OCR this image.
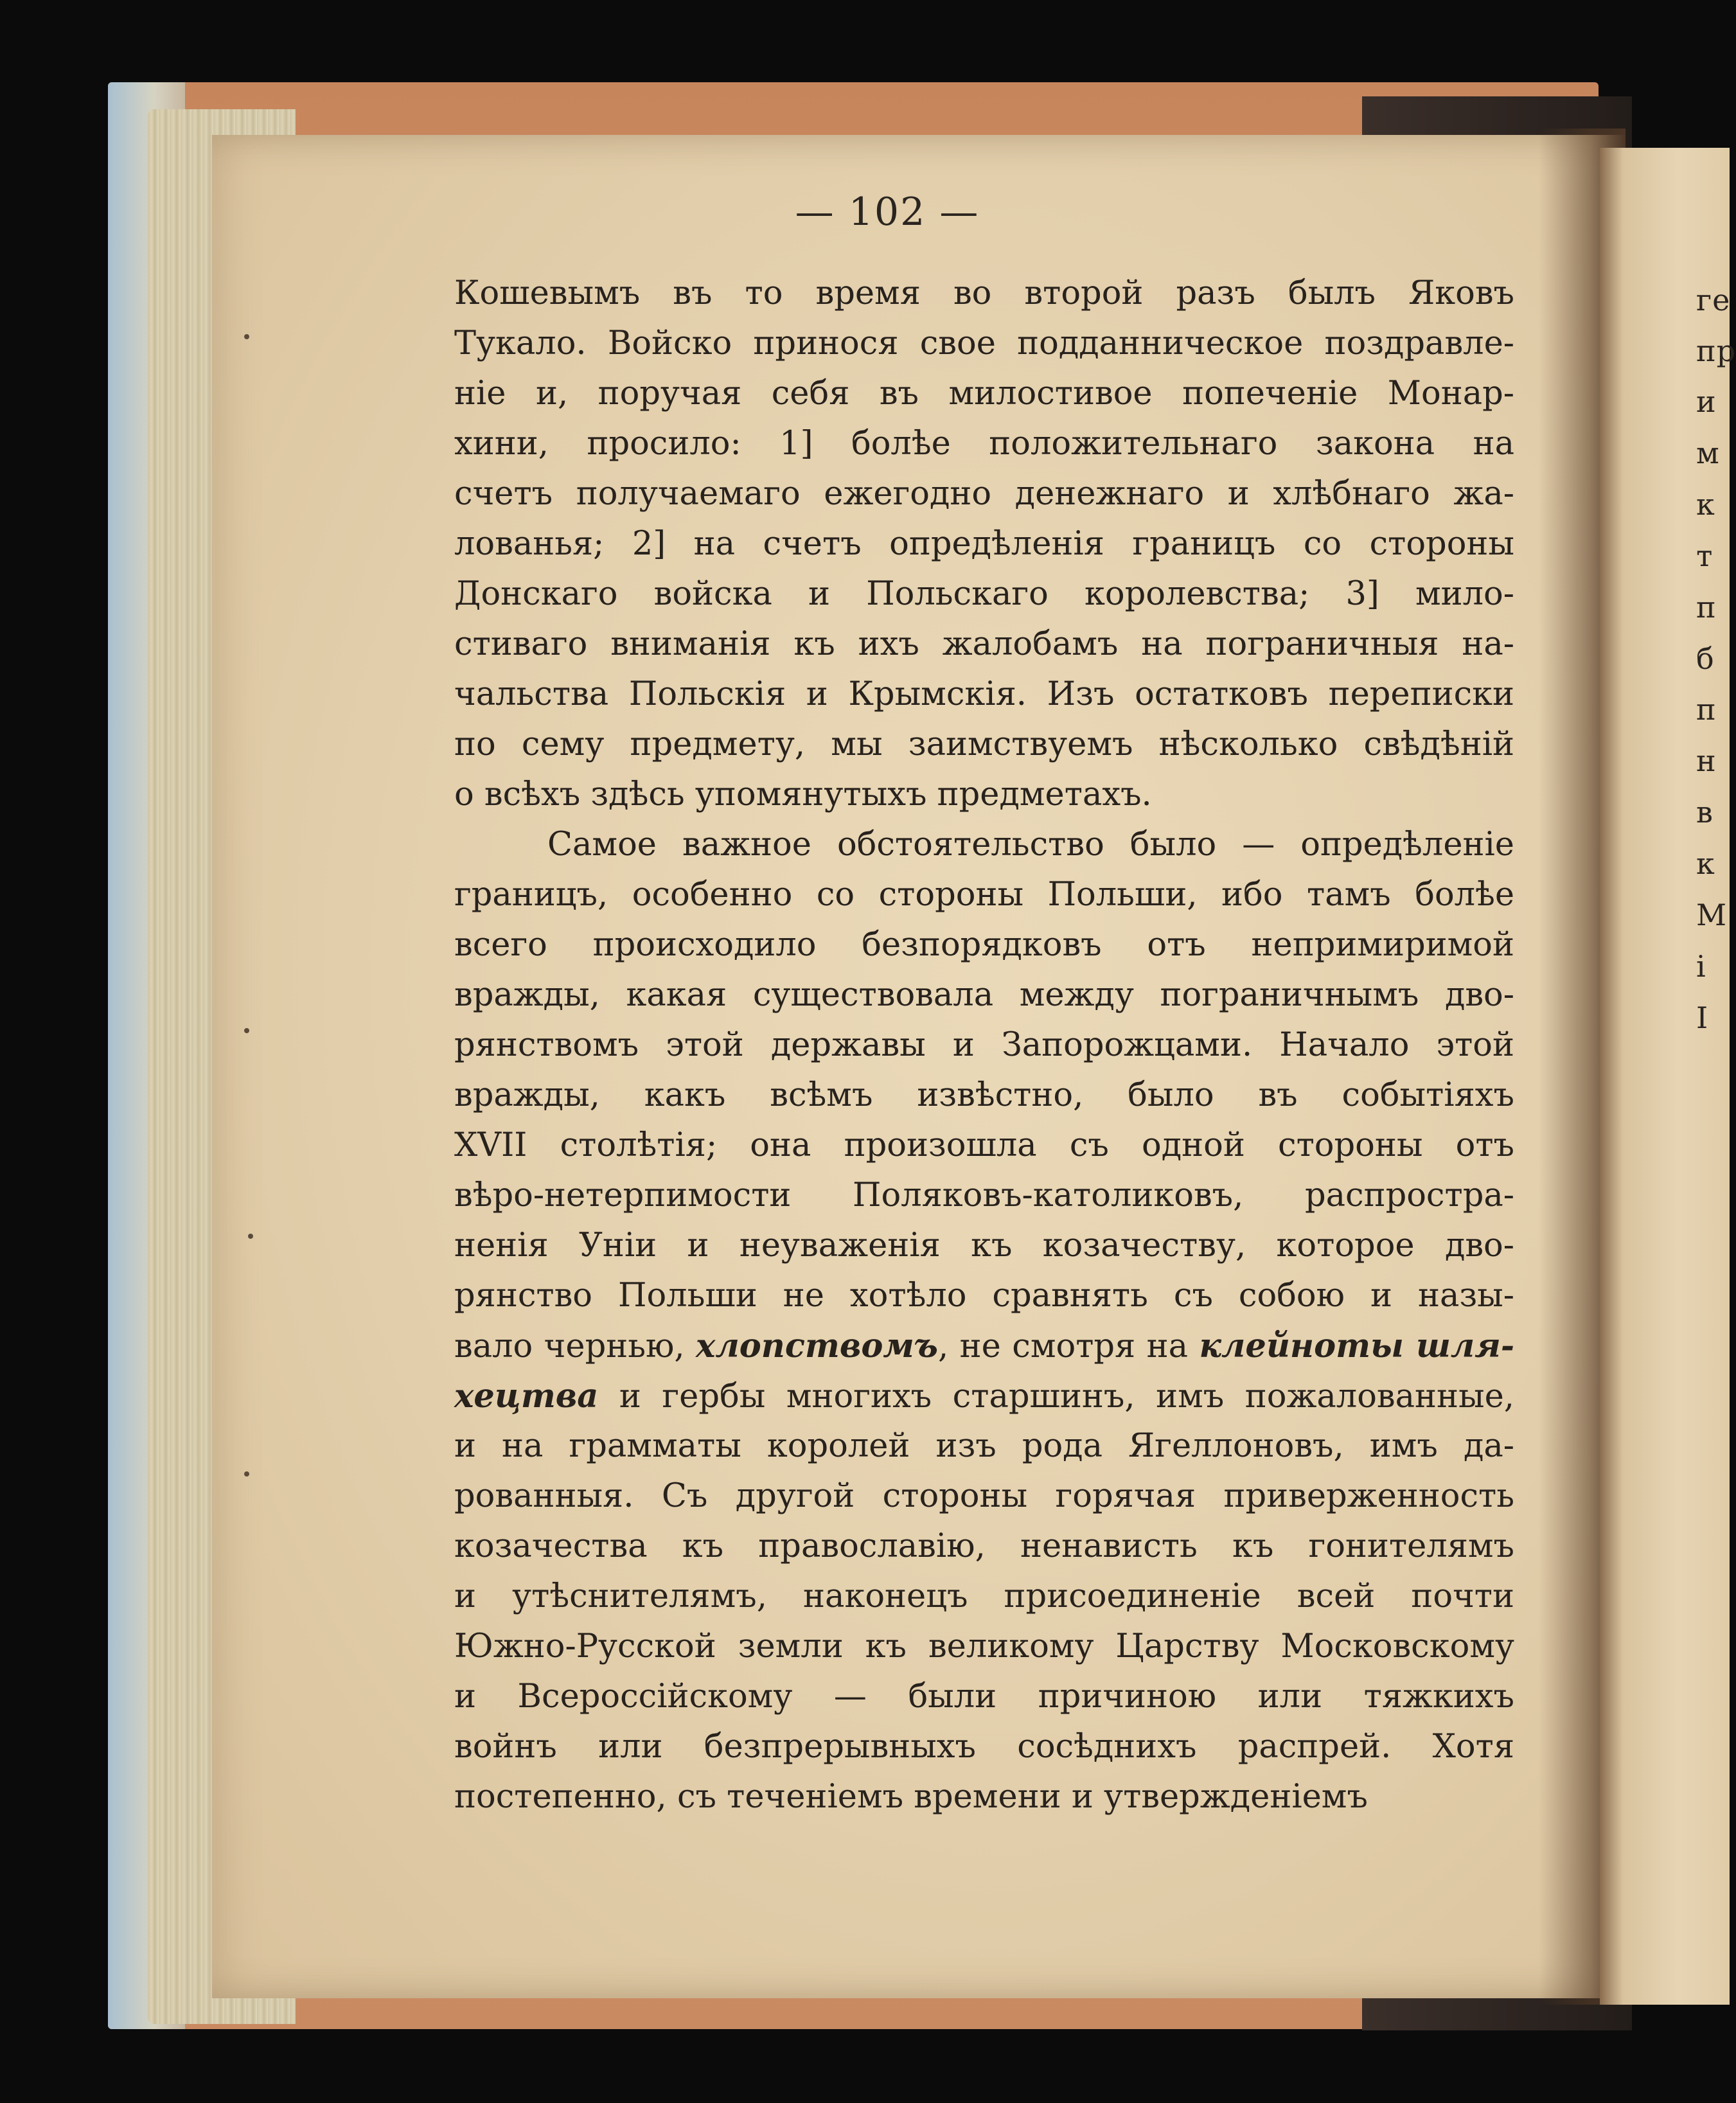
ге
пр
и
м
к
т
п
б
п
н
в
к
М
і
І
— 102 —
Кошевымъ въ то время во второй разъ былъ Яковъ
Тукало. Войско принося свое подданническое поздравле-
ніе и, поручая себя въ милостивое попеченіе Монар-
хини, просило: 1] болѣе положительнаго закона на
счетъ получаемаго ежегодно денежнаго и хлѣбнаго жа-
лованья; 2] на счетъ опредѣленія границъ со стороны
Донскаго войска и Польскаго королевства; 3] мило-
стиваго вниманія къ ихъ жалобамъ на пограничныя на-
чальства Польскія и Крымскія. Изъ остатковъ переписки
по сему предмету, мы заимствуемъ нѣсколько свѣдѣній
о всѣхъ здѣсь упомянутыхъ предметахъ.
Самое важное обстоятельство было — опредѣленіе
границъ, особенно со стороны Польши, ибо тамъ болѣе
всего происходило безпорядковъ отъ непримиримой
вражды, какая существовала между пограничнымъ дво-
рянствомъ этой державы и Запорожцами. Начало этой
вражды, какъ всѣмъ извѣстно, было въ событіяхъ
XVII столѣтія; она произошла съ одной стороны отъ
вѣро-нетерпимости Поляковъ-католиковъ, распростра-
ненія Уніи и неуваженія къ козачеству, которое дво-
рянство Польши не хотѣло сравнять съ собою и назы-
вало чернью, хлопствомъ, не смотря на клейноты шля-
хецтва и гербы многихъ старшинъ, имъ пожалованные,
и на грамматы королей изъ рода Ягеллоновъ, имъ да-
рованныя. Съ другой стороны горячая приверженность
козачества къ православію, ненависть къ гонителямъ
и утѣснителямъ, наконецъ присоединеніе всей почти
Южно-Русской земли къ великому Царству Московскому
и Всероссійскому — были причиною или тяжкихъ
войнъ или безпрерывныхъ сосѣднихъ распрей. Хотя
постепенно, съ теченіемъ времени и утвержденіемъ
